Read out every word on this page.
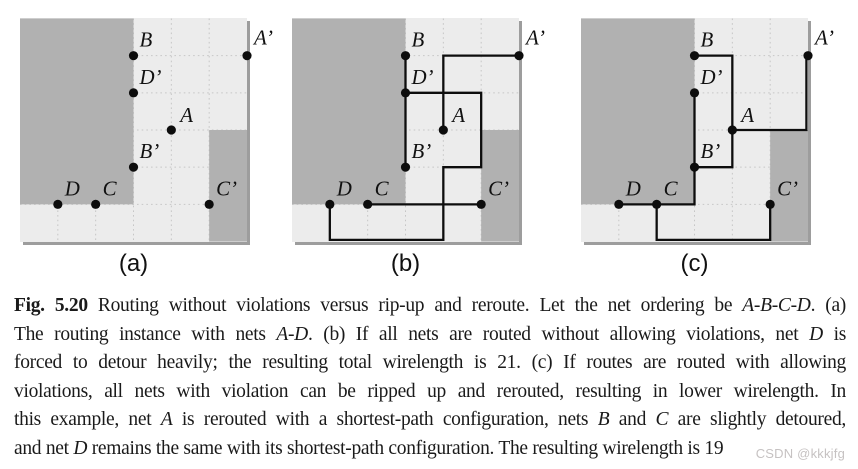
B
D’
A
B’
D C	C’
A’
(a)
B
D’
A
B’
D C	C’
A’
(b)
B
D’
A
B’
D C	C’
A’
(c)
Fig. 5.20 Routing without violations versus rip-up and reroute. Let the net ordering be A-B-C-D. (a)
The routing instance with nets A-D. (b) If all nets are routed without allowing violations, net D is
forced to detour heavily; the resulting total wirelength is 21. (c) If routes are routed with allowing
violations, all nets with violation can be ripped up and rerouted, resulting in lower wirelength. In
this example, net A is rerouted with a shortest-path configuration, nets B and C are slightly detoured,
and net D remains the same with its shortest-path configuration. The resulting wirelength is 19	CSDN @kkkjfg
